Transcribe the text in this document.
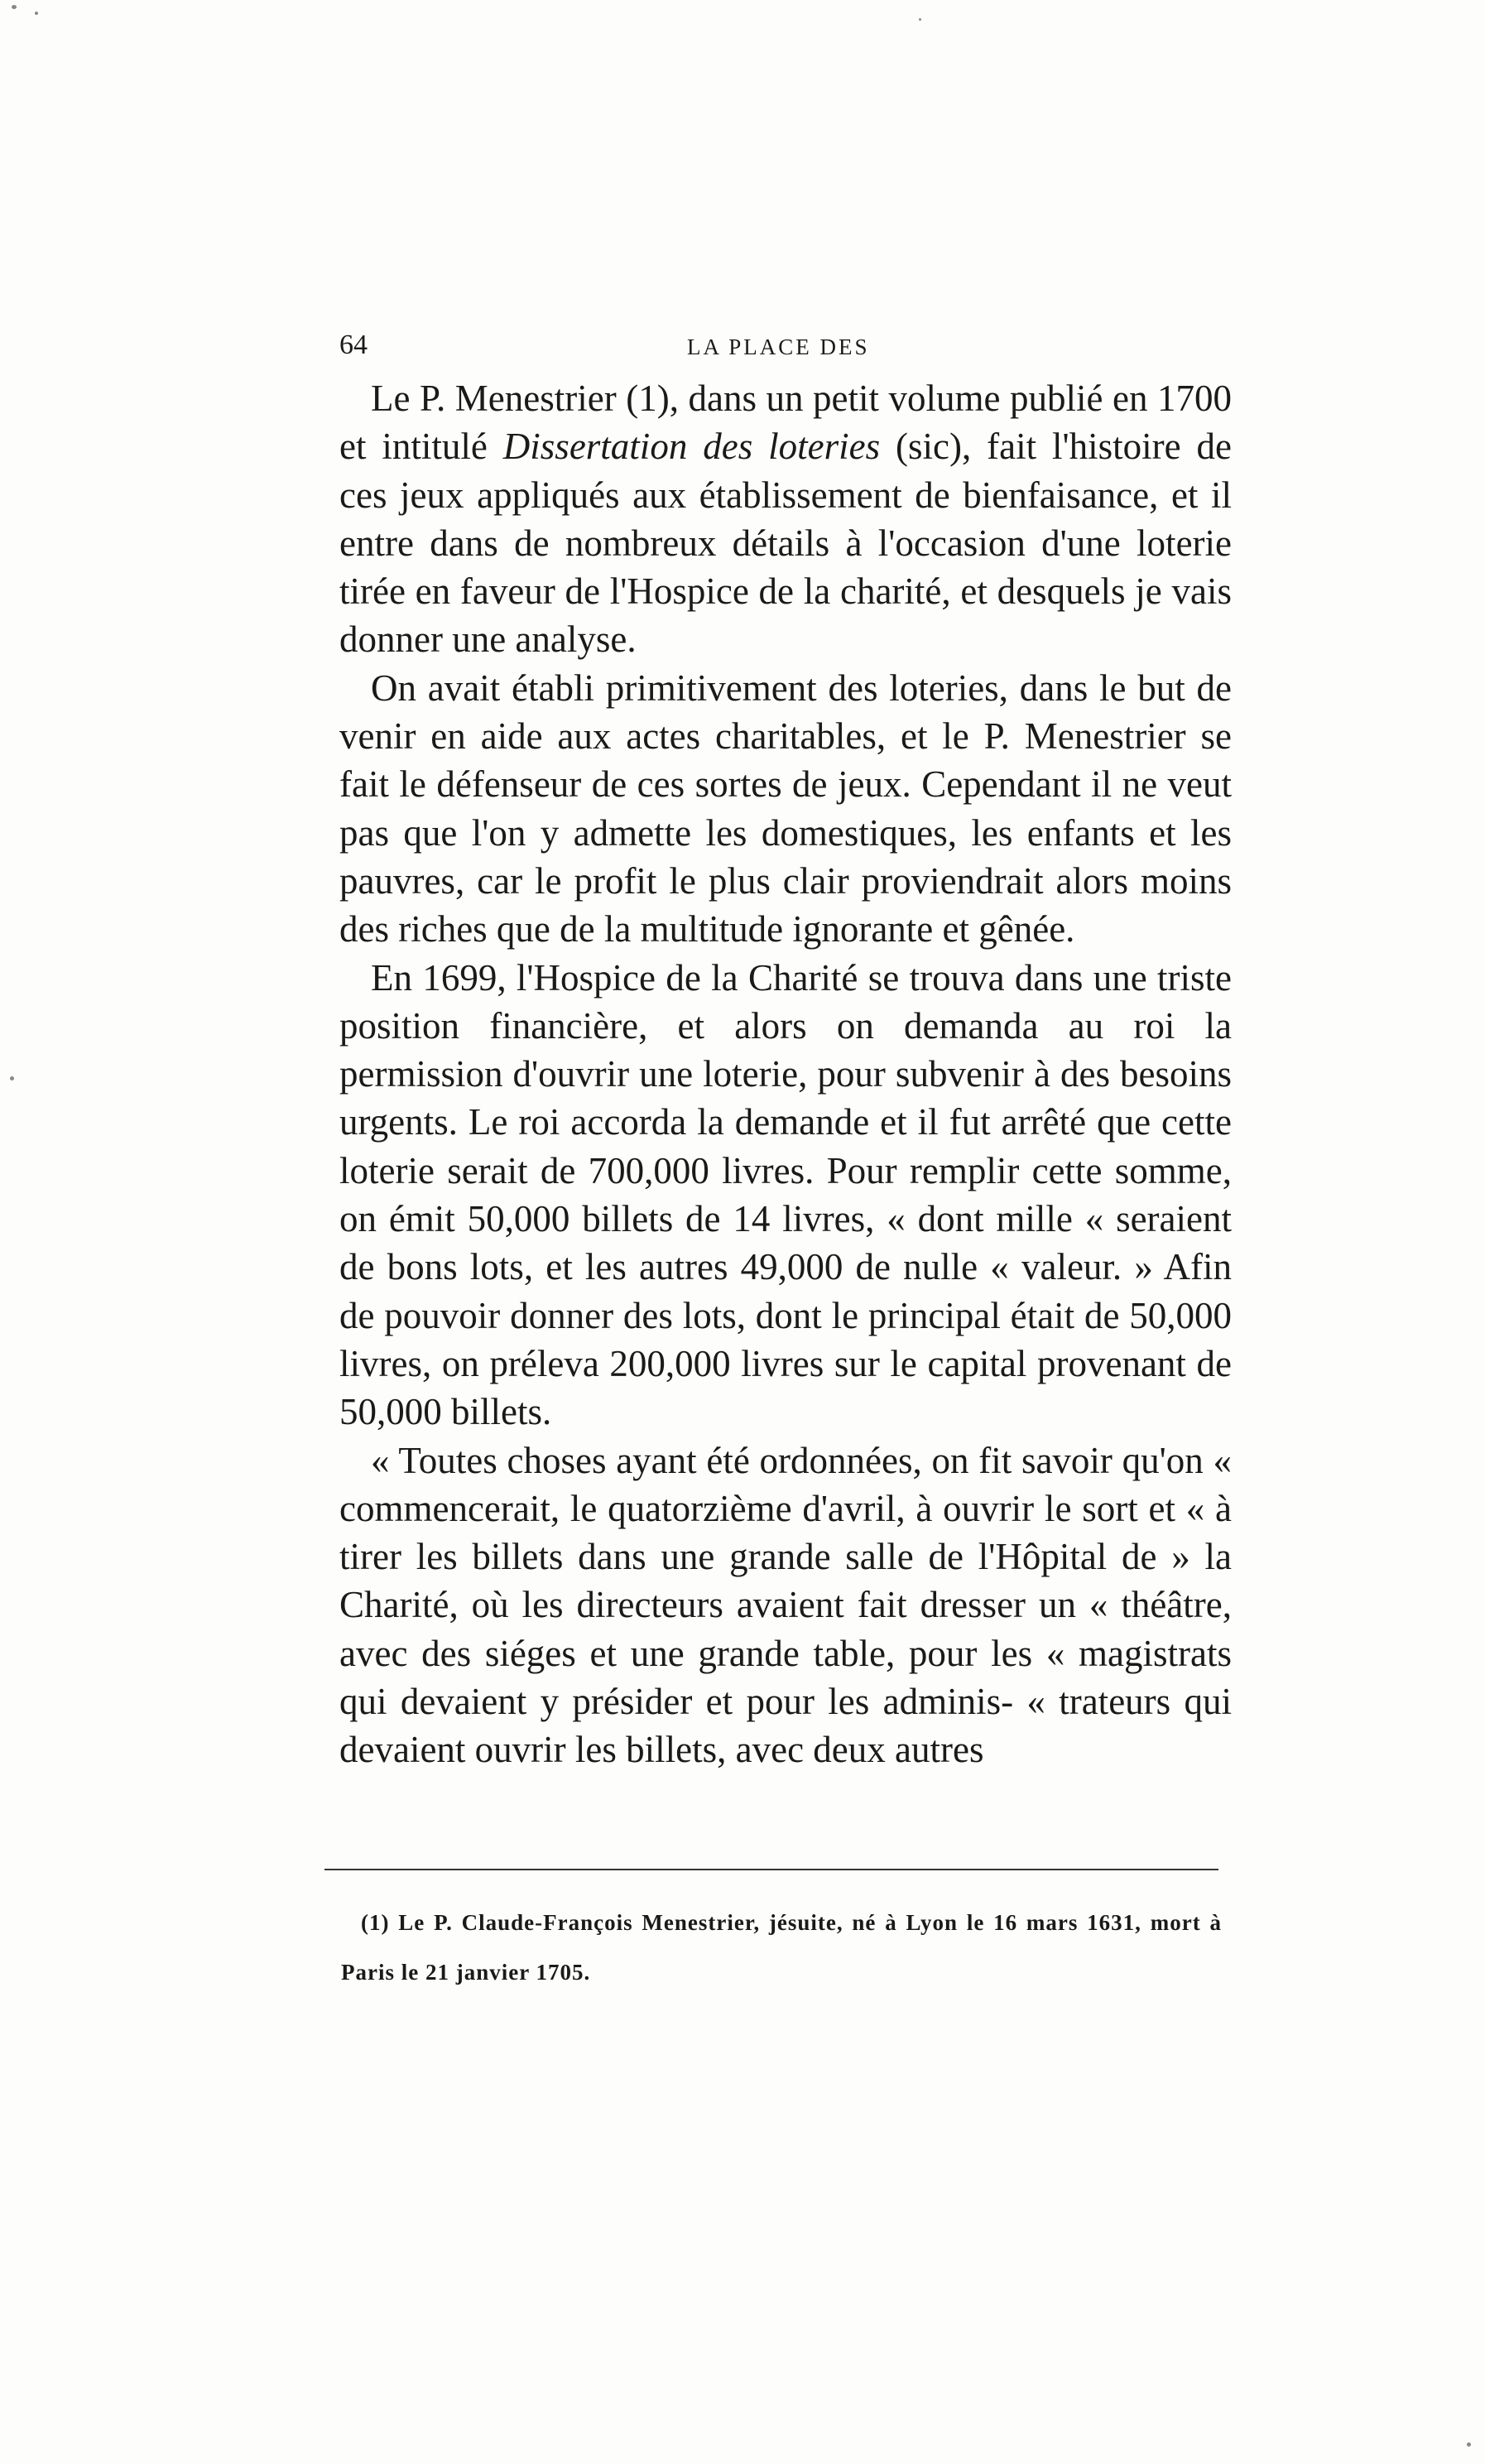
64	LA PLACE DES

Le P. Menestrier (1), dans un petit volume publié en 1700 et intitulé Dissertation des loteries (sic), fait l'histoire de ces jeux appliqués aux établissement de bienfaisance, et il entre dans de nombreux détails à l'occasion d'une loterie tirée en faveur de l'Hospice de la charité, et desquels je vais donner une analyse.

On avait établi primitivement des loteries, dans le but de venir en aide aux actes charitables, et le P. Menestrier se fait le défenseur de ces sortes de jeux. Cependant il ne veut pas que l'on y admette les domestiques, les enfants et les pauvres, car le profit le plus clair proviendrait alors moins des riches que de la multitude ignorante et gênée.

En 1699, l'Hospice de la Charité se trouva dans une triste position financière, et alors on demanda au roi la permission d'ouvrir une loterie, pour subvenir à des besoins urgents. Le roi accorda la demande et il fut arrêté que cette loterie serait de 700,000 livres. Pour remplir cette somme, on émit 50,000 billets de 14 livres, « dont mille « seraient de bons lots, et les autres 49,000 de nulle « valeur. » Afin de pouvoir donner des lots, dont le principal était de 50,000 livres, on préleva 200,000 livres sur le capital provenant de 50,000 billets.

« Toutes choses ayant été ordonnées, on fit savoir qu'on « commencerait, le quatorzième d'avril, à ouvrir le sort et « à tirer les billets dans une grande salle de l'Hôpital de » la Charité, où les directeurs avaient fait dresser un « théâtre, avec des siéges et une grande table, pour les « magistrats qui devaient y présider et pour les adminis- « trateurs qui devaient ouvrir les billets, avec deux autres

(1) Le P. Claude-François Menestrier, jésuite, né à Lyon le 16 mars 1631, mort à Paris le 21 janvier 1705.
